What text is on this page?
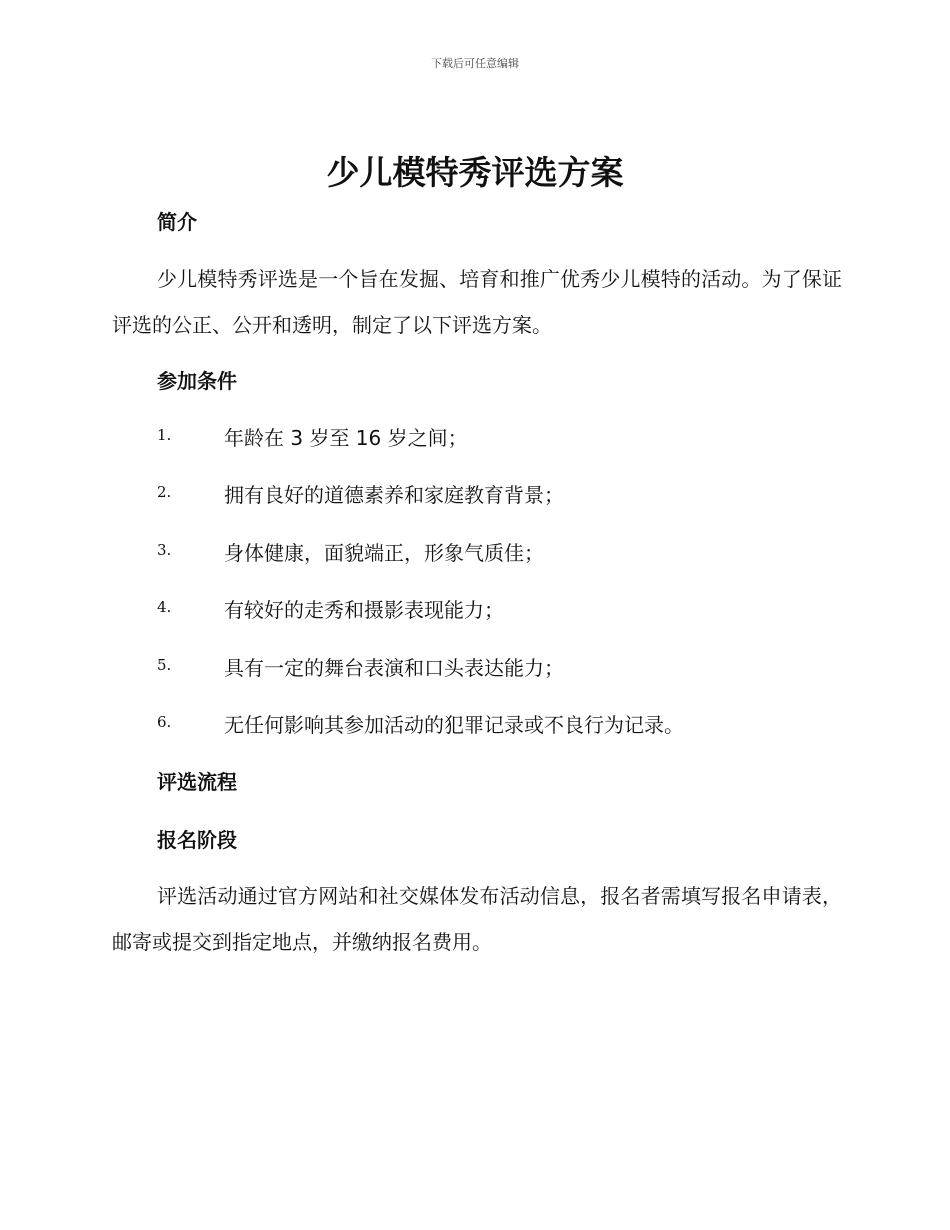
下载后可任意编辑
少儿模特秀评选方案
简介

少儿模特秀评选是一个旨在发掘、培育和推广优秀少儿模特的活动。为了保证评选的公正、公开和透明，制定了以下评选方案。

参加条件
1.	年龄在 3 岁至 16 岁之间；
2.	拥有良好的道德素养和家庭教育背景；
3.	身体健康，面貌端正，形象气质佳；
4.	有较好的走秀和摄影表现能力；
5.	具有一定的舞台表演和口头表达能力；
6.	无任何影响其参加活动的犯罪记录或不良行为记录。
评选流程
报名阶段

评选活动通过官方网站和社交媒体发布活动信息，报名者需填写报名申请表，邮寄或提交到指定地点，并缴纳报名费用。
